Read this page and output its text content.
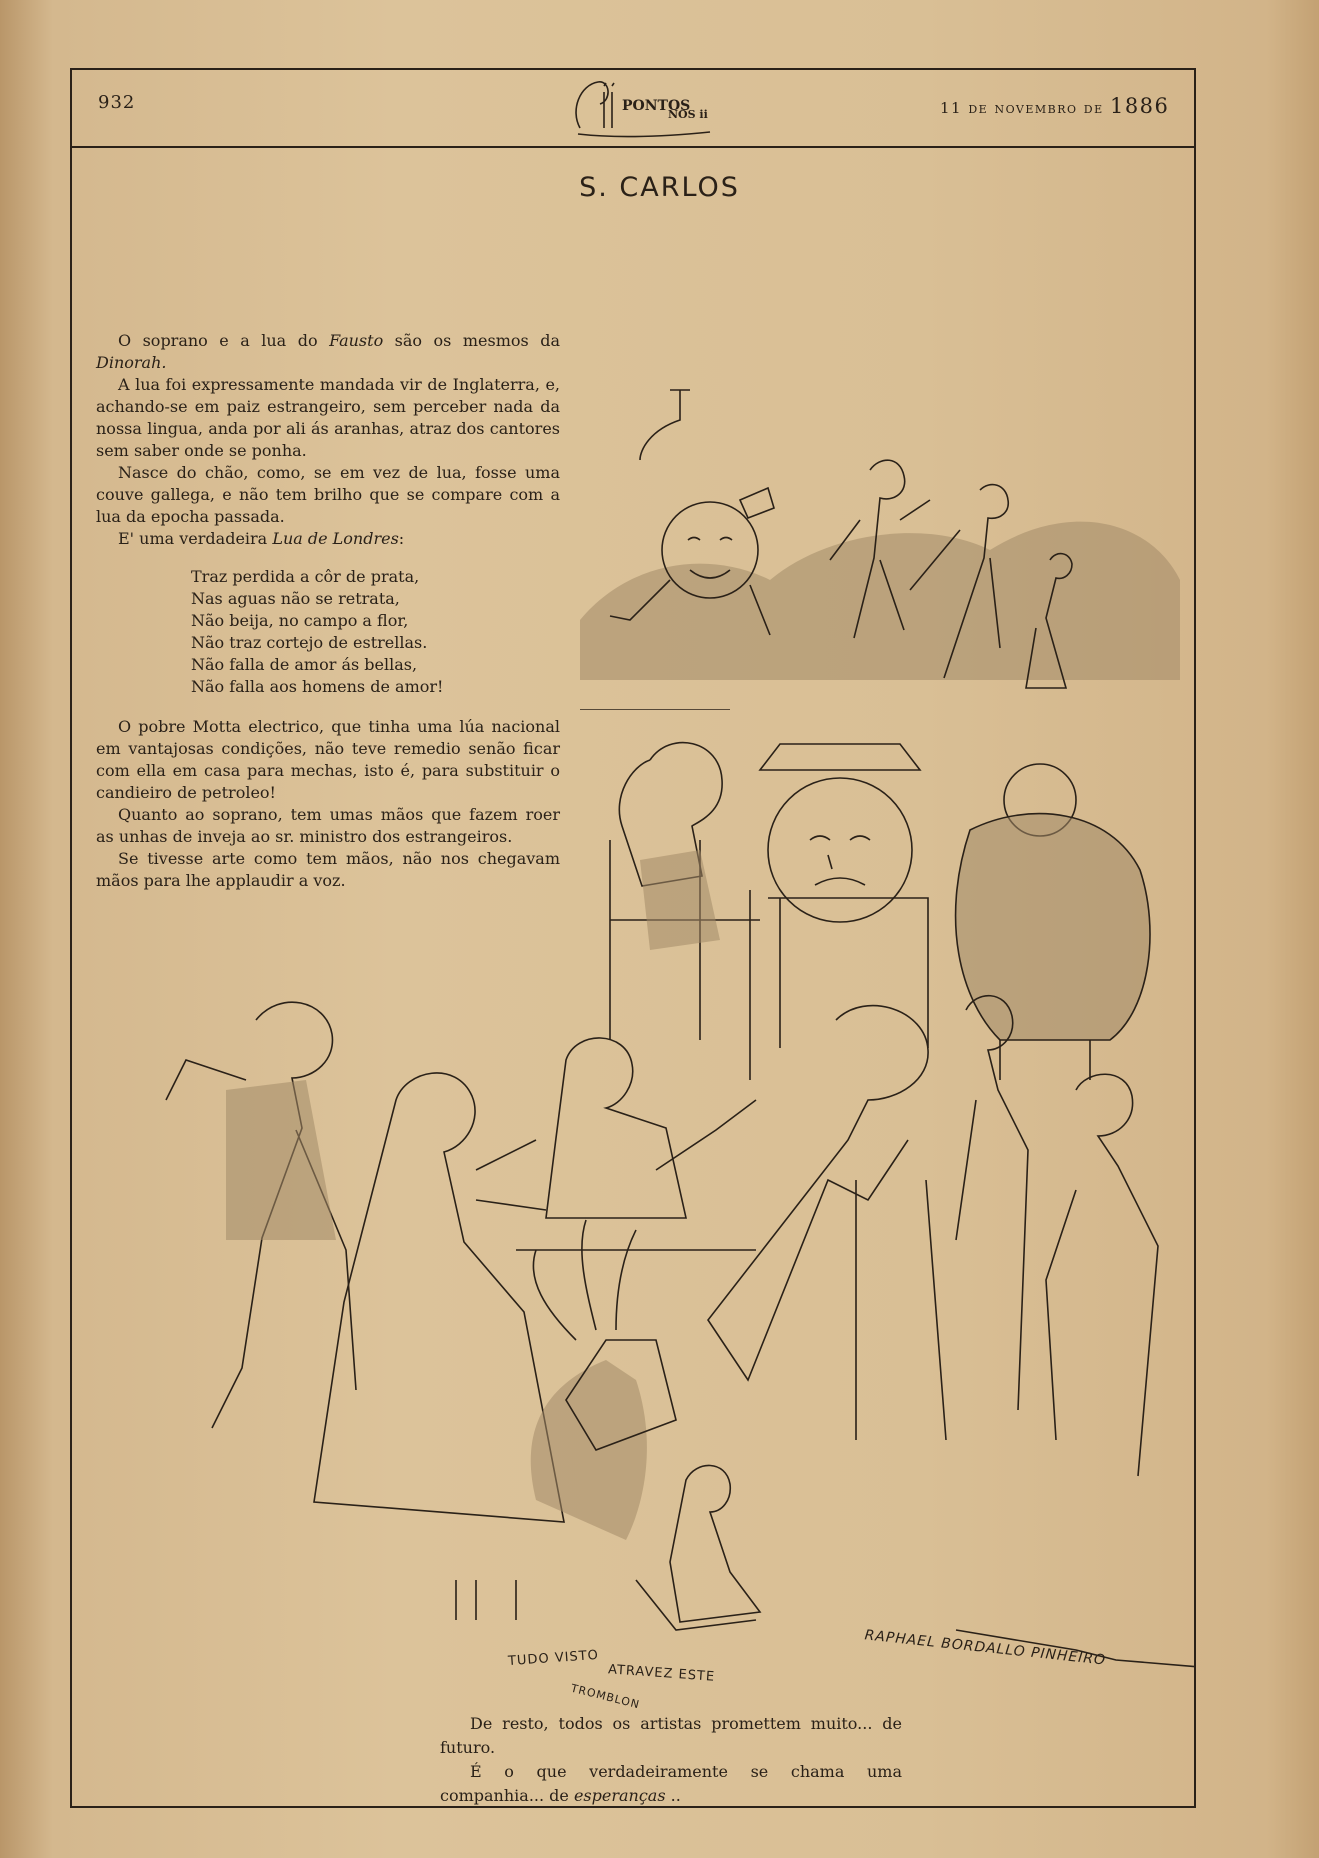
932	PONTOS
NOS ii	11 de novembro de 1886
S. CARLOS

O soprano e a lua do Fausto são os mesmos da Dinorah.

A lua foi expressamente mandada vir de Inglaterra, e, achando-se em paiz estrangeiro, sem perceber nada da nossa lingua, anda por ali ás aranhas, atraz dos cantores sem saber onde se ponha.

Nasce do chão, como, se em vez de lua, fosse uma couve gallega, e não tem brilho que se compare com a lua da epocha passada.

E' uma verdadeira Lua de Londres:

Traz perdida a côr de prata,
Nas aguas não se retrata,
Não beija, no campo a flor,
Não traz cortejo de estrellas.
Não falla de amor ás bellas,
Não falla aos homens de amor!

O pobre Motta electrico, que tinha uma lúa nacional em vantajosas condições, não teve remedio senão ficar com ella em casa para mechas, isto é, para substituir o candieiro de petroleo!

Quanto ao soprano, tem umas mãos que fazem roer as unhas de inveja ao sr. ministro dos estrangeiros.

Se tivesse arte como tem mãos, não nos chegavam mãos para lhe applaudir a voz.

TUDO VISTO
ATRAVEZ ESTE
TROMBLON
RAPHAEL BORDALLO PINHEIRO

De resto, todos os artistas promettem muito... de futuro.

É o que verdadeiramente se chama uma companhia... de esperanças ..
